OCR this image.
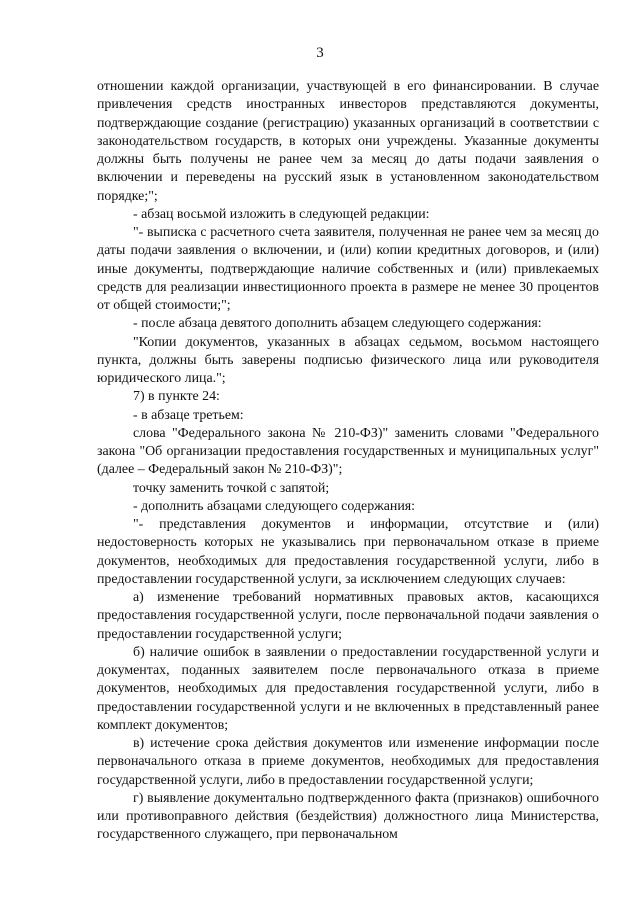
3

отношении каждой организации, участвующей в его финансировании. В случае привлечения средств иностранных инвесторов представляются документы, подтверждающие создание (регистрацию) указанных организаций в соответствии с законодательством государств, в которых они учреждены. Указанные документы должны быть получены не ранее чем за месяц до даты подачи заявления о включении и переведены на русский язык в установленном законодательством порядке;";

- абзац восьмой изложить в следующей редакции:

"- выписка с расчетного счета заявителя, полученная не ранее чем за месяц до даты подачи заявления о включении, и (или) копии кредитных договоров, и (или) иные документы, подтверждающие наличие собственных и (или) привлекаемых средств для реализации инвестиционного проекта в размере не менее 30 процентов от общей стоимости;";

- после абзаца девятого дополнить абзацем следующего содержания:

"Копии документов, указанных в абзацах седьмом, восьмом настоящего пункта, должны быть заверены подписью физического лица или руководителя юридического лица.";

7) в пункте 24:

- в абзаце третьем:

слова "Федерального закона № 210-ФЗ)" заменить словами "Федерального закона "Об организации предоставления государственных и муниципальных услуг" (далее – Федеральный закон № 210-ФЗ)";

точку заменить точкой с запятой;

- дополнить абзацами следующего содержания:

"- представления документов и информации, отсутствие и (или) недостоверность которых не указывались при первоначальном отказе в приеме документов, необходимых для предоставления государственной услуги, либо в предоставлении государственной услуги, за исключением следующих случаев:

а) изменение требований нормативных правовых актов, касающихся предоставления государственной услуги, после первоначальной подачи заявления о предоставлении государственной услуги;

б) наличие ошибок в заявлении о предоставлении государственной услуги и документах, поданных заявителем после первоначального отказа в приеме документов, необходимых для предоставления государственной услуги, либо в предоставлении государственной услуги и не включенных в представленный ранее комплект документов;

в) истечение срока действия документов или изменение информации после первоначального отказа в приеме документов, необходимых для предоставления государственной услуги, либо в предоставлении государственной услуги;

г) выявление документально подтвержденного факта (признаков) ошибочного или противоправного действия (бездействия) должностного лица Министерства, государственного служащего, при первоначальном
